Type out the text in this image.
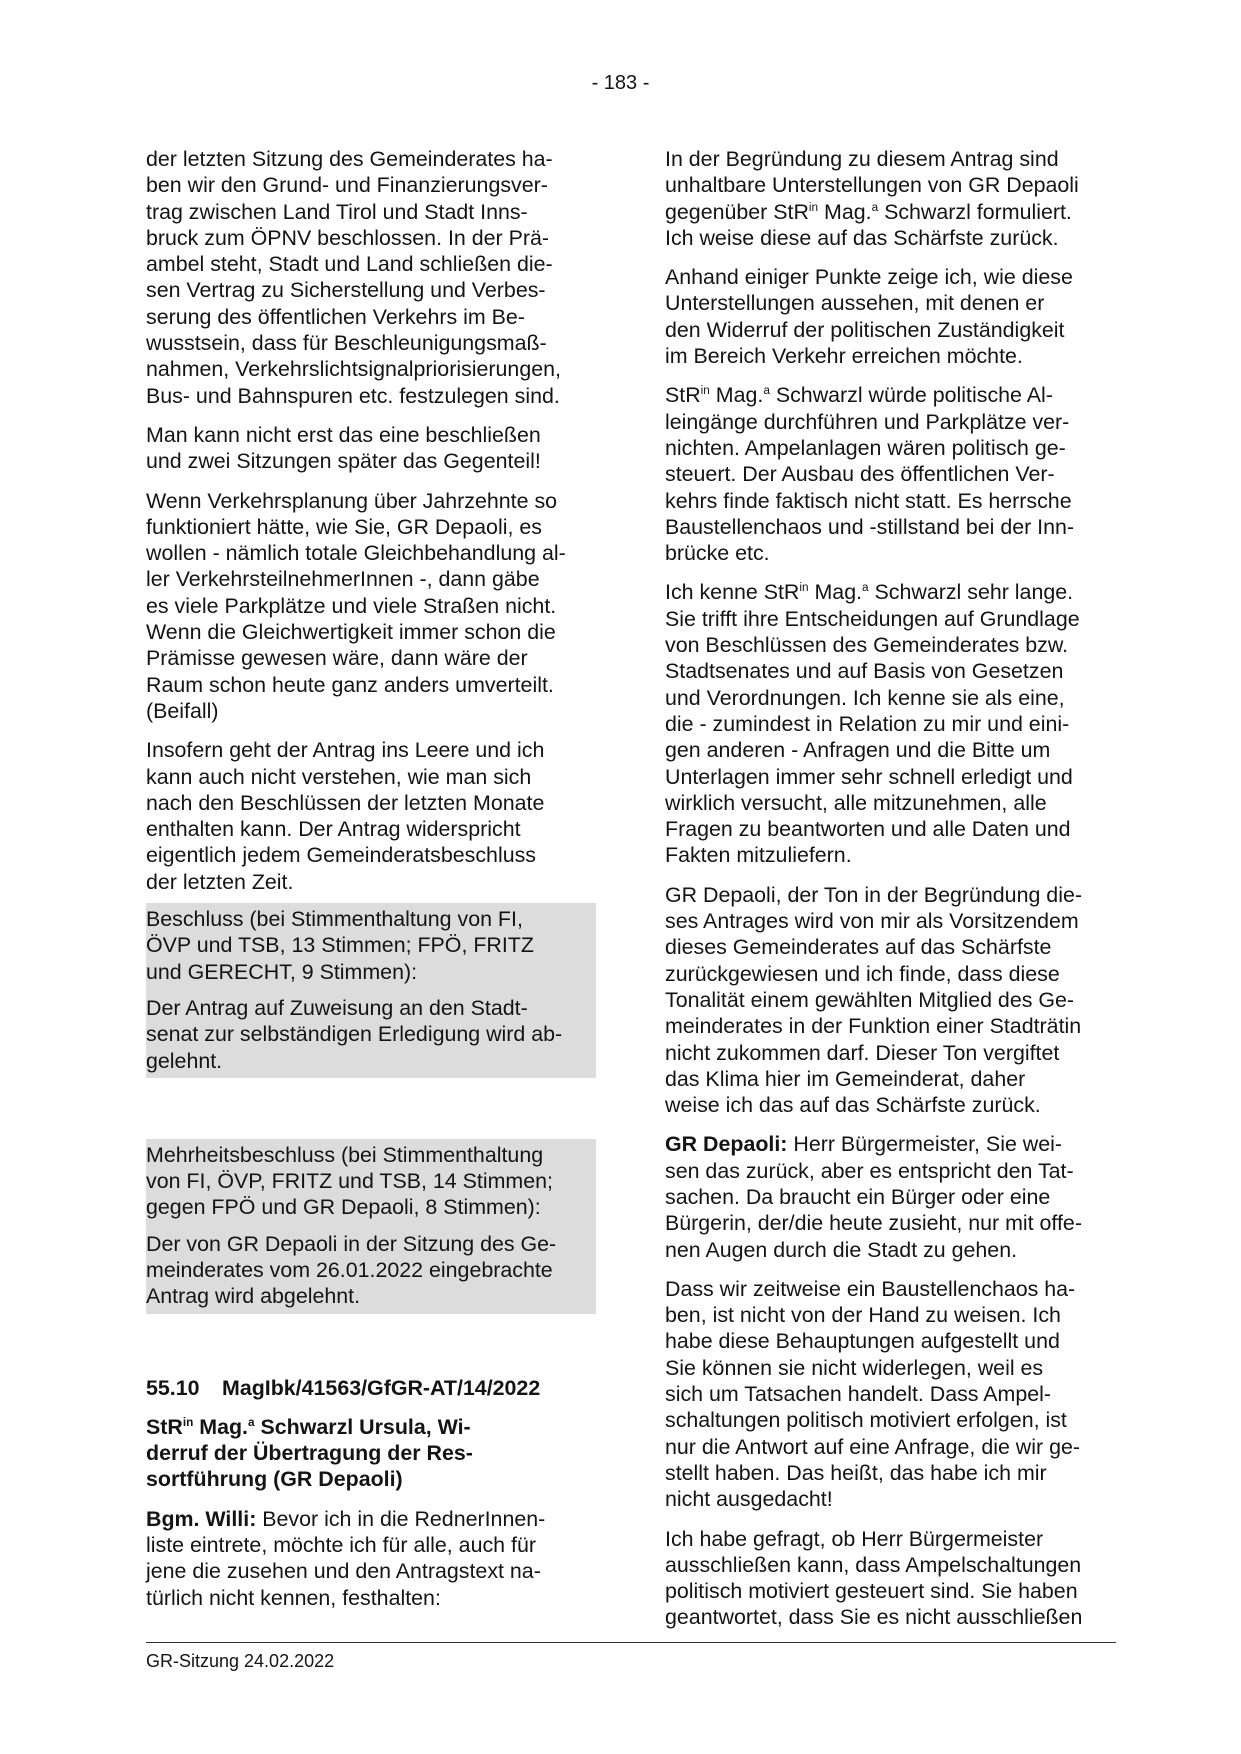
- 183 -

der letzten Sitzung des Gemeinderates ha-
ben wir den Grund- und Finanzierungsver-
trag zwischen Land Tirol und Stadt Inns-
bruck zum ÖPNV beschlossen. In der Prä-
ambel steht, Stadt und Land schließen die-
sen Vertrag zu Sicherstellung und Verbes-
serung des öffentlichen Verkehrs im Be-
wusstsein, dass für Beschleunigungsmaß-
nahmen, Verkehrslichtsignalpriorisierungen,
Bus- und Bahnspuren etc. festzulegen sind.

Man kann nicht erst das eine beschließen
und zwei Sitzungen später das Gegenteil!

Wenn Verkehrsplanung über Jahrzehnte so
funktioniert hätte, wie Sie, GR Depaoli, es
wollen - nämlich totale Gleichbehandlung al-
ler VerkehrsteilnehmerInnen -, dann gäbe
es viele Parkplätze und viele Straßen nicht.
Wenn die Gleichwertigkeit immer schon die
Prämisse gewesen wäre, dann wäre der
Raum schon heute ganz anders umverteilt.
(Beifall)

Insofern geht der Antrag ins Leere und ich
kann auch nicht verstehen, wie man sich
nach den Beschlüssen der letzten Monate
enthalten kann. Der Antrag widerspricht
eigentlich jedem Gemeinderatsbeschluss
der letzten Zeit.

Beschluss (bei Stimmenthaltung von FI,
ÖVP und TSB, 13 Stimmen; FPÖ, FRITZ
und GERECHT, 9 Stimmen):

Der Antrag auf Zuweisung an den Stadt-
senat zur selbständigen Erledigung wird ab-
gelehnt.

Mehrheitsbeschluss (bei Stimmenthaltung
von FI, ÖVP, FRITZ und TSB, 14 Stimmen;
gegen FPÖ und GR Depaoli, 8 Stimmen):

Der von GR Depaoli in der Sitzung des Ge-
meinderates vom 26.01.2022 eingebrachte
Antrag wird abgelehnt.

55.10 MagIbk/41563/GfGR-AT/14/2022

StR$^{in}$ Mag.$^a$ Schwarzl Ursula, Wi-
derruf der Übertragung der Res-
sortführung (GR Depaoli)

Bgm. Willi: Bevor ich in die RednerInnen-
liste eintrete, möchte ich für alle, auch für
jene die zusehen und den Antragstext na-
türlich nicht kennen, festhalten:

In der Begründung zu diesem Antrag sind
unhaltbare Unterstellungen von GR Depaoli
gegenüber StR$^{in}$ Mag.$^a$ Schwarzl formuliert.
Ich weise diese auf das Schärfste zurück.

Anhand einiger Punkte zeige ich, wie diese
Unterstellungen aussehen, mit denen er
den Widerruf der politischen Zuständigkeit
im Bereich Verkehr erreichen möchte.

StR$^{in}$ Mag.$^a$ Schwarzl würde politische Al-
leingänge durchführen und Parkplätze ver-
nichten. Ampelanlagen wären politisch ge-
steuert. Der Ausbau des öffentlichen Ver-
kehrs finde faktisch nicht statt. Es herrsche
Baustellenchaos und -stillstand bei der Inn-
brücke etc.

Ich kenne StR$^{in}$ Mag.$^a$ Schwarzl sehr lange.
Sie trifft ihre Entscheidungen auf Grundlage
von Beschlüssen des Gemeinderates bzw.
Stadtsenates und auf Basis von Gesetzen
und Verordnungen. Ich kenne sie als eine,
die - zumindest in Relation zu mir und eini-
gen anderen - Anfragen und die Bitte um
Unterlagen immer sehr schnell erledigt und
wirklich versucht, alle mitzunehmen, alle
Fragen zu beantworten und alle Daten und
Fakten mitzuliefern.

GR Depaoli, der Ton in der Begründung die-
ses Antrages wird von mir als Vorsitzendem
dieses Gemeinderates auf das Schärfste
zurückgewiesen und ich finde, dass diese
Tonalität einem gewählten Mitglied des Ge-
meinderates in der Funktion einer Stadträtin
nicht zukommen darf. Dieser Ton vergiftet
das Klima hier im Gemeinderat, daher
weise ich das auf das Schärfste zurück.

GR Depaoli: Herr Bürgermeister, Sie wei-
sen das zurück, aber es entspricht den Tat-
sachen. Da braucht ein Bürger oder eine
Bürgerin, der/die heute zusieht, nur mit offe-
nen Augen durch die Stadt zu gehen.

Dass wir zeitweise ein Baustellenchaos ha-
ben, ist nicht von der Hand zu weisen. Ich
habe diese Behauptungen aufgestellt und
Sie können sie nicht widerlegen, weil es
sich um Tatsachen handelt. Dass Ampel-
schaltungen politisch motiviert erfolgen, ist
nur die Antwort auf eine Anfrage, die wir ge-
stellt haben. Das heißt, das habe ich mir
nicht ausgedacht!

Ich habe gefragt, ob Herr Bürgermeister
ausschließen kann, dass Ampelschaltungen
politisch motiviert gesteuert sind. Sie haben
geantwortet, dass Sie es nicht ausschließen

GR-Sitzung 24.02.2022
